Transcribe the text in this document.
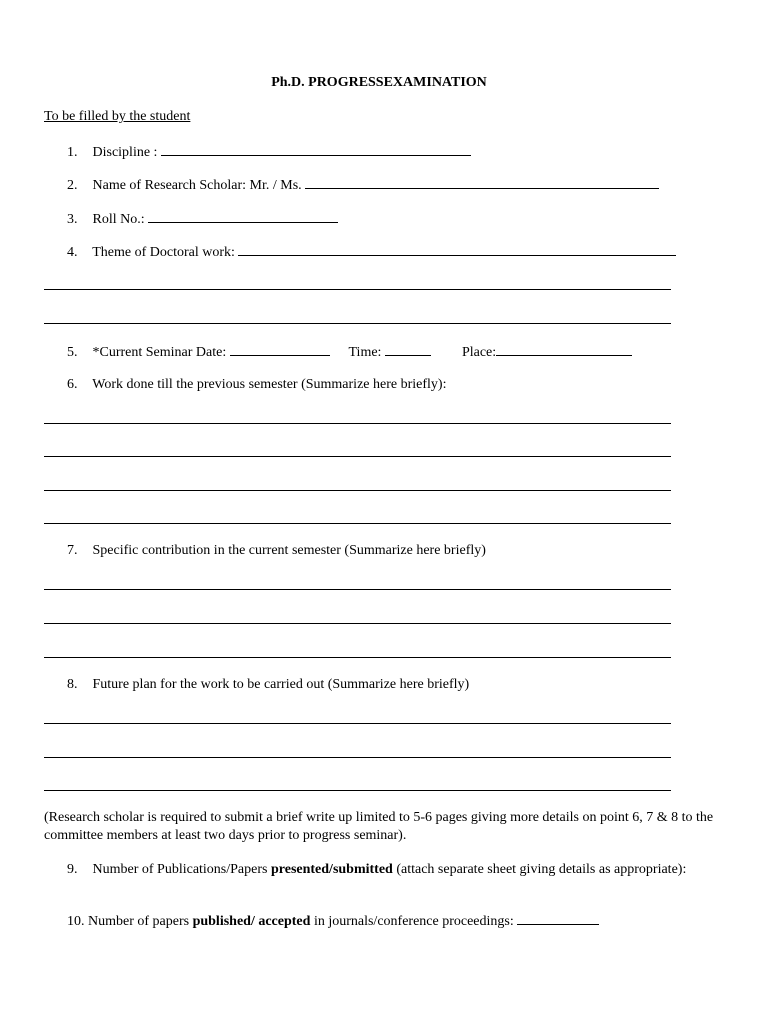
Ph.D. PROGRESSEXAMINATION
To be filled by the student
1. Discipline :
2. Name of Research Scholar: Mr. / Ms.
3. Roll No.:
4. Theme of Doctoral work:
5. *Current Seminar Date:	Time:	Place:
6. Work done till the previous semester (Summarize here briefly):
7. Specific contribution in the current semester (Summarize here briefly)
8. Future plan for the work to be carried out (Summarize here briefly)
(Research scholar is required to submit a brief write up limited to 5-6 pages giving more details on point 6, 7 & 8 to the committee members at least two days prior to progress seminar).
9. Number of Publications/Papers presented/submitted (attach separate sheet giving details as appropriate):
10. Number of papers published/ accepted in journals/conference proceedings:
